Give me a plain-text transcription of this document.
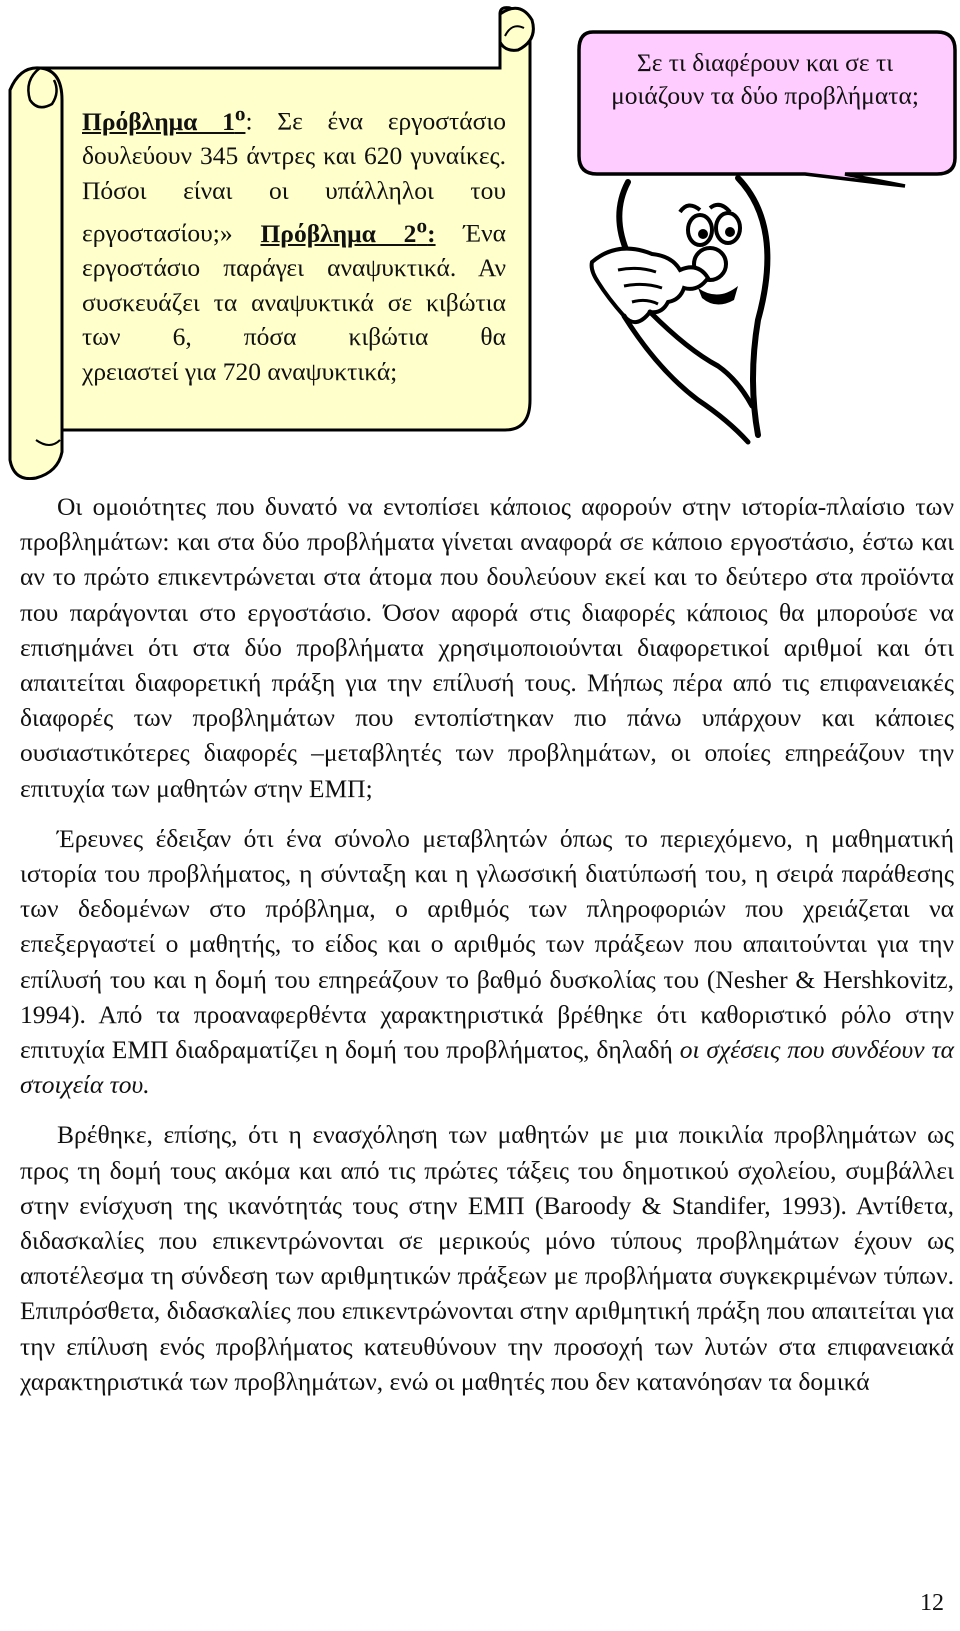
Πρόβλημα $1^o$: Σε ένα εργοστάσιο δουλεύουν 345 άντρες και 620 γυναίκες. Πόσοι είναι οι υπάλληλοι του εργοστασίου;» Πρόβλημα $2^o$: Ένα εργοστάσιο παράγει αναψυκτικά. Αν συσκευάζει τα αναψυκτικά σε κιβώτια των 6, πόσα κιβώτια θα
χρειαστεί για 720 αναψυκτικά;
Σε τι διαφέρουν και σε τι μοιάζουν τα δύο προβλήματα;

Οι ομοιότητες που δυνατό να εντοπίσει κάποιος αφορούν στην ιστορία-πλαίσιο των προβλημάτων: και στα δύο προβλήματα γίνεται αναφορά σε κάποιο εργοστάσιο, έστω και αν το πρώτο επικεντρώνεται στα άτομα που δουλεύουν εκεί και το δεύτερο στα προϊόντα που παράγονται στο εργοστάσιο. Όσον αφορά στις διαφορές κάποιος θα μπορούσε να επισημάνει ότι στα δύο προβλήματα χρησιμοποιούνται διαφορετικοί αριθμοί και ότι απαιτείται διαφορετική πράξη για την επίλυσή τους. Μήπως πέρα από τις επιφανειακές διαφορές των προβλημάτων που εντοπίστηκαν πιο πάνω υπάρχουν και κάποιες ουσιαστικότερες διαφορές –μεταβλητές των προβλημάτων, οι οποίες επηρεάζουν την επιτυχία των μαθητών στην ΕΜΠ;

Έρευνες έδειξαν ότι ένα σύνολο μεταβλητών όπως το περιεχόμενο, η μαθηματική ιστορία του προβλήματος, η σύνταξη και η γλωσσική διατύπωσή του, η σειρά παράθεσης των δεδομένων στο πρόβλημα, ο αριθμός των πληροφοριών που χρειάζεται να επεξεργαστεί ο μαθητής, το είδος και ο αριθμός των πράξεων που απαιτούνται για την επίλυσή του και η δομή του επηρεάζουν το βαθμό δυσκολίας του (Nesher & Hershkovitz, 1994). Από τα προαναφερθέντα χαρακτηριστικά βρέθηκε ότι καθοριστικό ρόλο στην επιτυχία ΕΜΠ διαδραματίζει η δομή του προβλήματος, δηλαδή οι σχέσεις που συνδέουν τα στοιχεία του.

Βρέθηκε, επίσης, ότι η ενασχόληση των μαθητών με μια ποικιλία προβλημάτων ως προς τη δομή τους ακόμα και από τις πρώτες τάξεις του δημοτικού σχολείου, συμβάλλει στην ενίσχυση της ικανότητάς τους στην ΕΜΠ (Baroody & Standifer, 1993). Αντίθετα, διδασκαλίες που επικεντρώνονται σε μερικούς μόνο τύπους προβλημάτων έχουν ως αποτέλεσμα τη σύνδεση των αριθμητικών πράξεων με προβλήματα συγκεκριμένων τύπων. Επιπρόσθετα, διδασκαλίες που επικεντρώνονται στην αριθμητική πράξη που απαιτείται για την επίλυση ενός προβλήματος κατευθύνουν την προσοχή των λυτών στα επιφανειακά χαρακτηριστικά των προβλημάτων, ενώ οι μαθητές που δεν κατανόησαν τα δομικά

12
